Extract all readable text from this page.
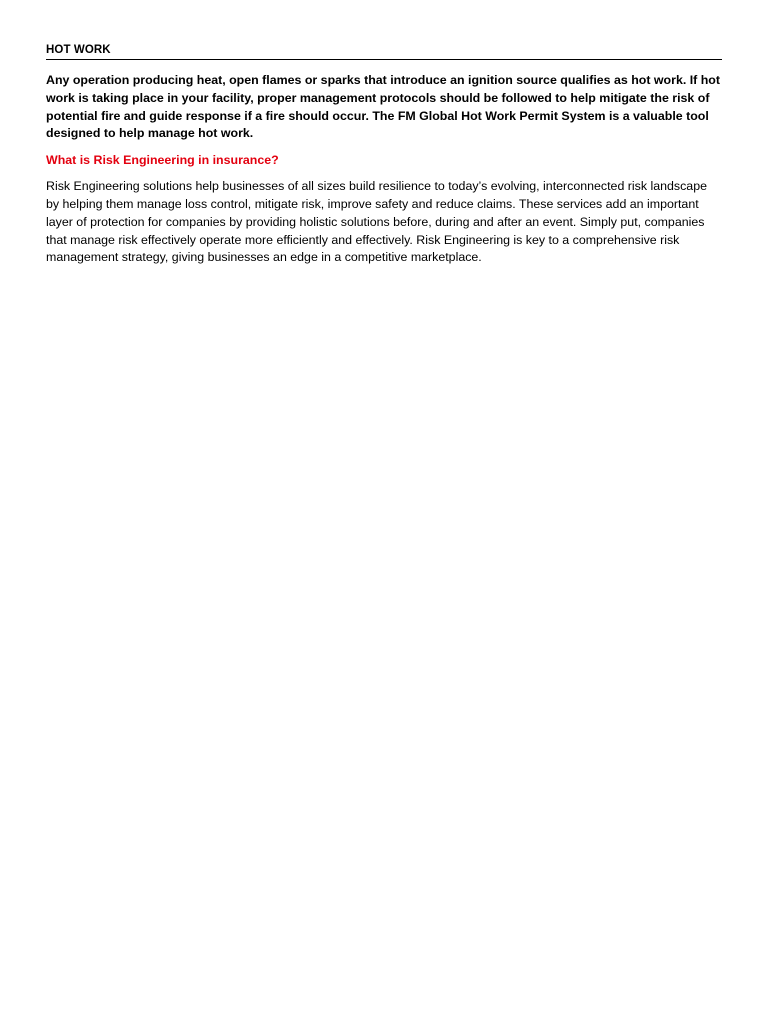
HOT WORK
Any operation producing heat, open flames or sparks that introduce an ignition source qualifies as hot work. If hot work is taking place in your facility, proper management protocols should be followed to help mitigate the risk of potential fire and guide response if a fire should occur. The FM Global Hot Work Permit System is a valuable tool designed to help manage hot work.
What is Risk Engineering in insurance?
Risk Engineering solutions help businesses of all sizes build resilience to today’s evolving, interconnected risk landscape by helping them manage loss control, mitigate risk, improve safety and reduce claims. These services add an important layer of protection for companies by providing holistic solutions before, during and after an event. Simply put, companies that manage risk effectively operate more efficiently and effectively. Risk Engineering is key to a comprehensive risk management strategy, giving businesses an edge in a competitive marketplace.
